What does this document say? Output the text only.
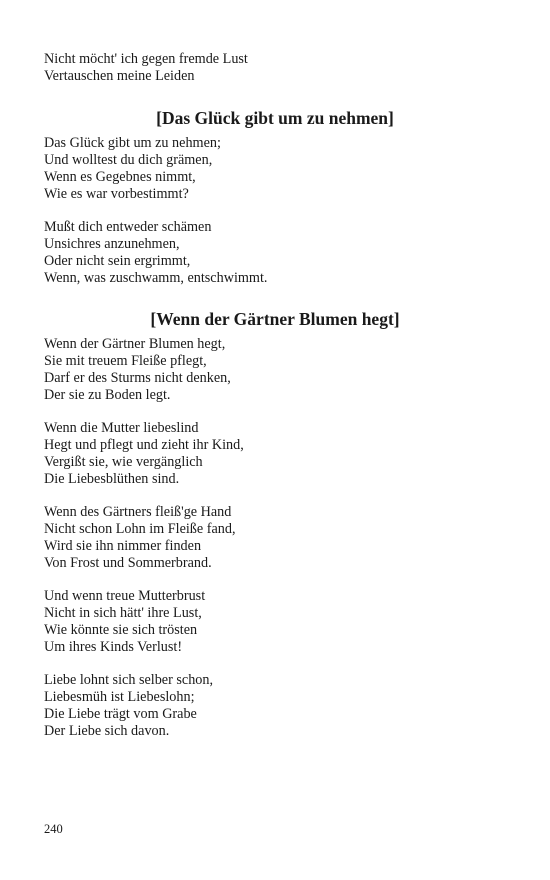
Nicht möcht' ich gegen fremde Lust
Vertauschen meine Leiden

[Das Glück gibt um zu nehmen]

Das Glück gibt um zu nehmen;
Und wolltest du dich grämen,
Wenn es Gegebnes nimmt,
Wie es war vorbestimmt?

Mußt dich entweder schämen
Unsichres anzunehmen,
Oder nicht sein ergrimmt,
Wenn, was zuschwamm, entschwimmt.

[Wenn der Gärtner Blumen hegt]

Wenn der Gärtner Blumen hegt,
Sie mit treuem Fleiße pflegt,
Darf er des Sturms nicht denken,
Der sie zu Boden legt.

Wenn die Mutter liebeslind
Hegt und pflegt und zieht ihr Kind,
Vergißt sie, wie vergänglich
Die Liebesblüthen sind.

Wenn des Gärtners fleiß'ge Hand
Nicht schon Lohn im Fleiße fand,
Wird sie ihn nimmer finden
Von Frost und Sommerbrand.

Und wenn treue Mutterbrust
Nicht in sich hätt' ihre Lust,
Wie könnte sie sich trösten
Um ihres Kinds Verlust!

Liebe lohnt sich selber schon,
Liebesmüh ist Liebeslohn;
Die Liebe trägt vom Grabe
Der Liebe sich davon.

240
